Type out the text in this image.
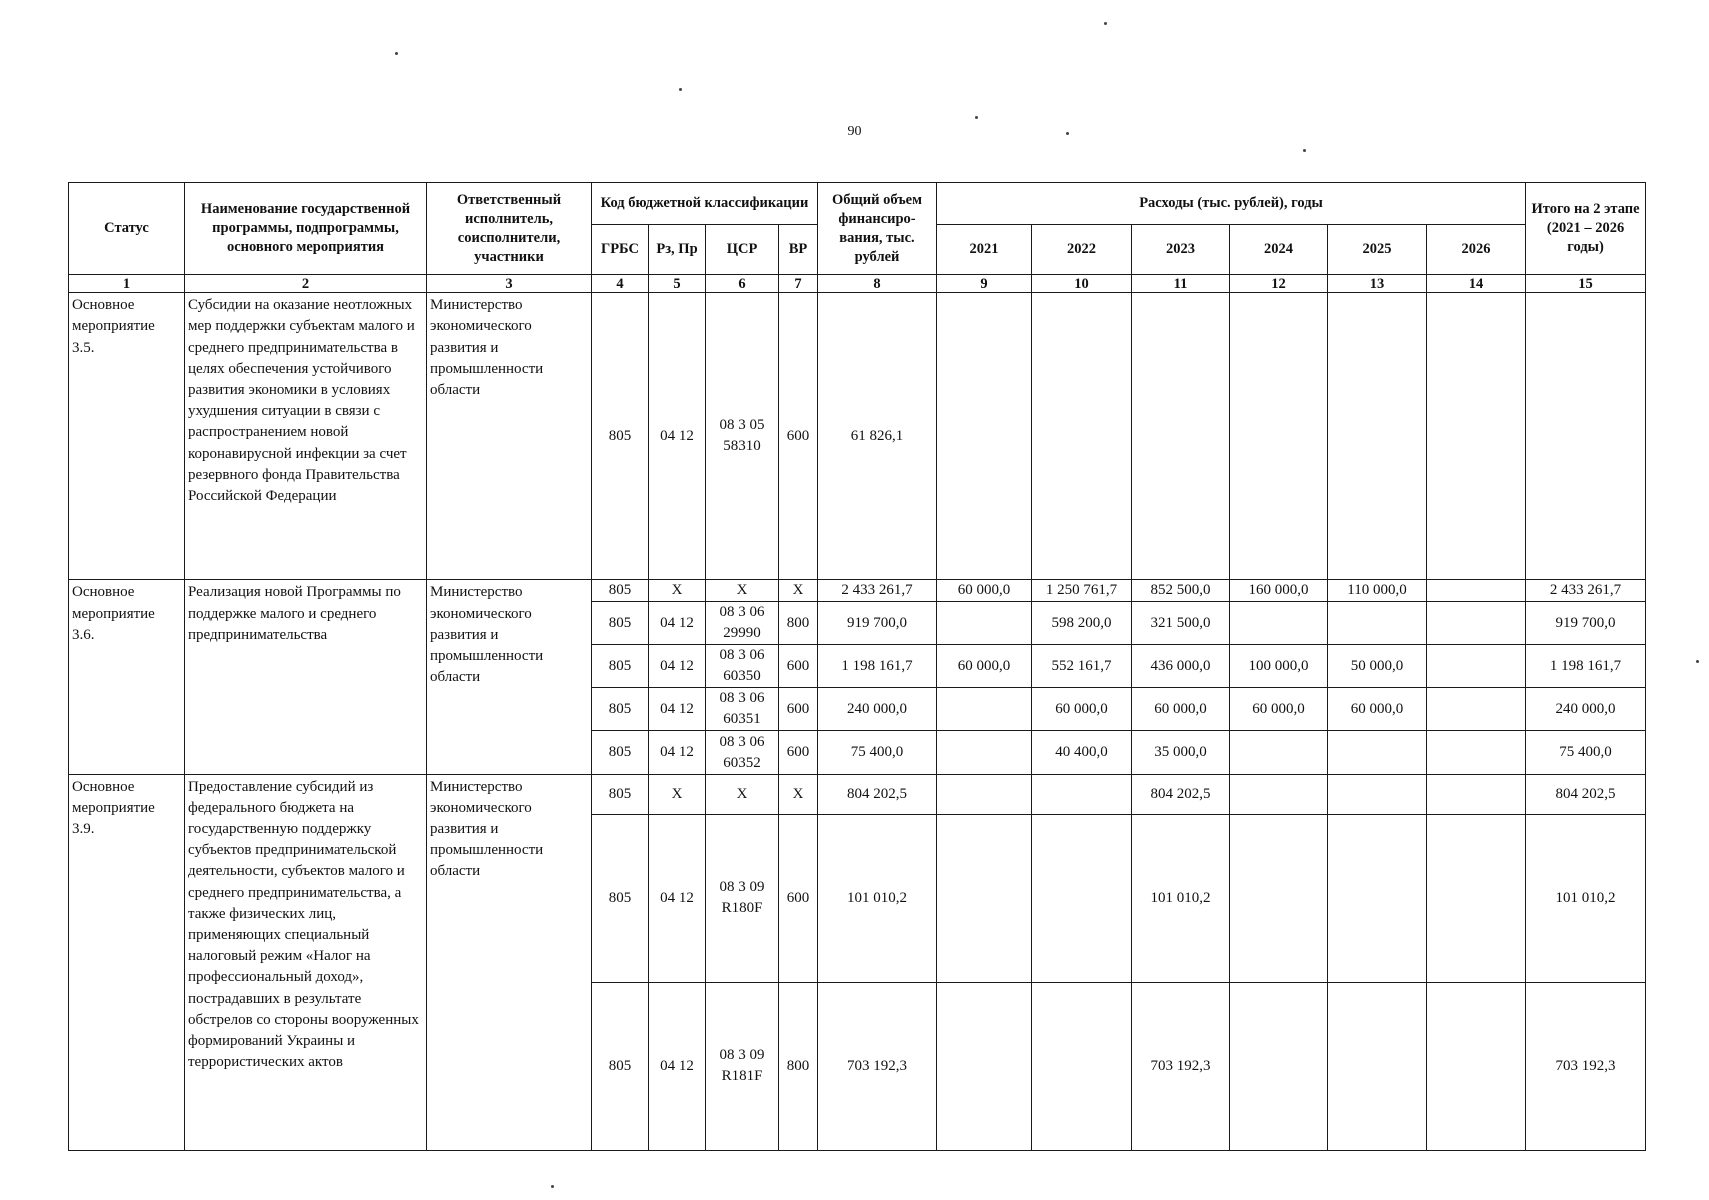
90
Статус	Наименование государственной программы, подпрограммы, основного мероприятия	Ответственный исполнитель, соисполнители, участники	Код бюджетной классификации				Общий объем финансиро-вания, тыс. рублей	Расходы (тыс. рублей), годы						Итого на 2 этапе (2021 – 2026 годы)
			ГРБС	Рз, Пр	ЦСР	ВР		2021	2022	2023	2024	2025	2026	
1	2	3	4	5	6	7	8	9	10	11	12	13	14	15
Основное мероприятие 3.5.	Субсидии на оказание неотложных мер поддержки субъектам малого и среднего предпринимательства в целях обеспечения устойчивого развития экономики в условиях ухудшения ситуации в связи с распространением новой коронавирусной инфекции за счет резервного фонда Правительства Российской Федерации	Министерство экономического развития и промышленности области	805	04 12	08 3 05 58310	600	61 826,1							
Основное мероприятие 3.6.	Реализация новой Программы по поддержке малого и среднего предпринимательства	Министерство экономического развития и промышленности области	805	Х	Х	Х	2 433 261,7	60 000,0	1 250 761,7	852 500,0	160 000,0	110 000,0		2 433 261,7
			805	04 12	08 3 06 29990	800	919 700,0		598 200,0	321 500,0				919 700,0
			805	04 12	08 3 06 60350	600	1 198 161,7	60 000,0	552 161,7	436 000,0	100 000,0	50 000,0		1 198 161,7
			805	04 12	08 3 06 60351	600	240 000,0		60 000,0	60 000,0	60 000,0	60 000,0		240 000,0
			805	04 12	08 3 06 60352	600	75 400,0		40 400,0	35 000,0				75 400,0
Основное мероприятие 3.9.	Предоставление субсидий из федерального бюджета на государственную поддержку субъектов предпринимательской деятельности, субъектов малого и среднего предпринимательства, а также физических лиц, применяющих специальный налоговый режим «Налог на профессиональный доход», пострадавших в результате обстрелов со стороны вооруженных формирований Украины и террористических актов	Министерство экономического развития и промышленности области	805	Х	Х	Х	804 202,5			804 202,5				804 202,5
			805	04 12	08 3 09 R180F	600	101 010,2			101 010,2				101 010,2
			805	04 12	08 3 09 R181F	800	703 192,3			703 192,3				703 192,3
